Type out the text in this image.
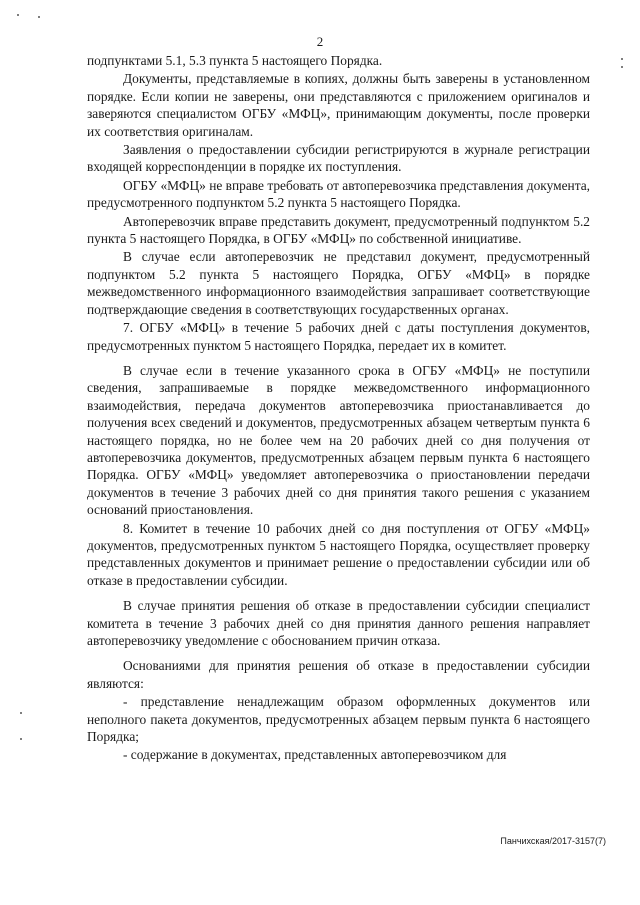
2

подпунктами 5.1, 5.3 пункта 5 настоящего Порядка.

Документы, представляемые в копиях, должны быть заверены в установленном порядке. Если копии не заверены, они представляются с приложением оригиналов и заверяются специалистом ОГБУ «МФЦ», принимающим документы, после проверки их соответствия оригиналам.

Заявления о предоставлении субсидии регистрируются в журнале регистрации входящей корреспонденции в порядке их поступления.

ОГБУ «МФЦ» не вправе требовать от автоперевозчика представления документа, предусмотренного подпунктом 5.2 пункта 5 настоящего Порядка.

Автоперевозчик вправе представить документ, предусмотренный подпунктом 5.2 пункта 5 настоящего Порядка, в ОГБУ «МФЦ» по собственной инициативе.

В случае если автоперевозчик не представил документ, предусмотренный подпунктом 5.2 пункта 5 настоящего Порядка, ОГБУ «МФЦ» в порядке межведомственного информационного взаимодействия запрашивает соответствующие подтверждающие сведения в соответствующих государственных органах.

7. ОГБУ «МФЦ» в течение 5 рабочих дней с даты поступления документов, предусмотренных пунктом 5 настоящего Порядка, передает их в комитет.

В случае если в течение указанного срока в ОГБУ «МФЦ» не поступили сведения, запрашиваемые в порядке межведомственного информационного взаимодействия, передача документов автоперевозчика приостанавливается до получения всех сведений и документов, предусмотренных абзацем четвертым пункта 6 настоящего порядка, но не более чем на 20 рабочих дней со дня получения от автоперевозчика документов, предусмотренных абзацем первым пункта 6 настоящего Порядка. ОГБУ «МФЦ» уведомляет автоперевозчика о приостановлении передачи документов в течение 3 рабочих дней со дня принятия такого решения с указанием оснований приостановления.

8. Комитет в течение 10 рабочих дней со дня поступления от ОГБУ «МФЦ» документов, предусмотренных пунктом 5 настоящего Порядка, осуществляет проверку представленных документов и принимает решение о предоставлении субсидии или об отказе в предоставлении субсидии.

В случае принятия решения об отказе в предоставлении субсидии специалист комитета в течение 3 рабочих дней со дня принятия данного решения направляет автоперевозчику уведомление с обоснованием причин отказа.

Основаниями для принятия решения об отказе в предоставлении субсидии являются:

- представление ненадлежащим образом оформленных документов или неполного пакета документов, предусмотренных абзацем первым пункта 6 настоящего Порядка;

- содержание в документах, представленных автоперевозчиком для

Панчихская/2017-3157(7)
